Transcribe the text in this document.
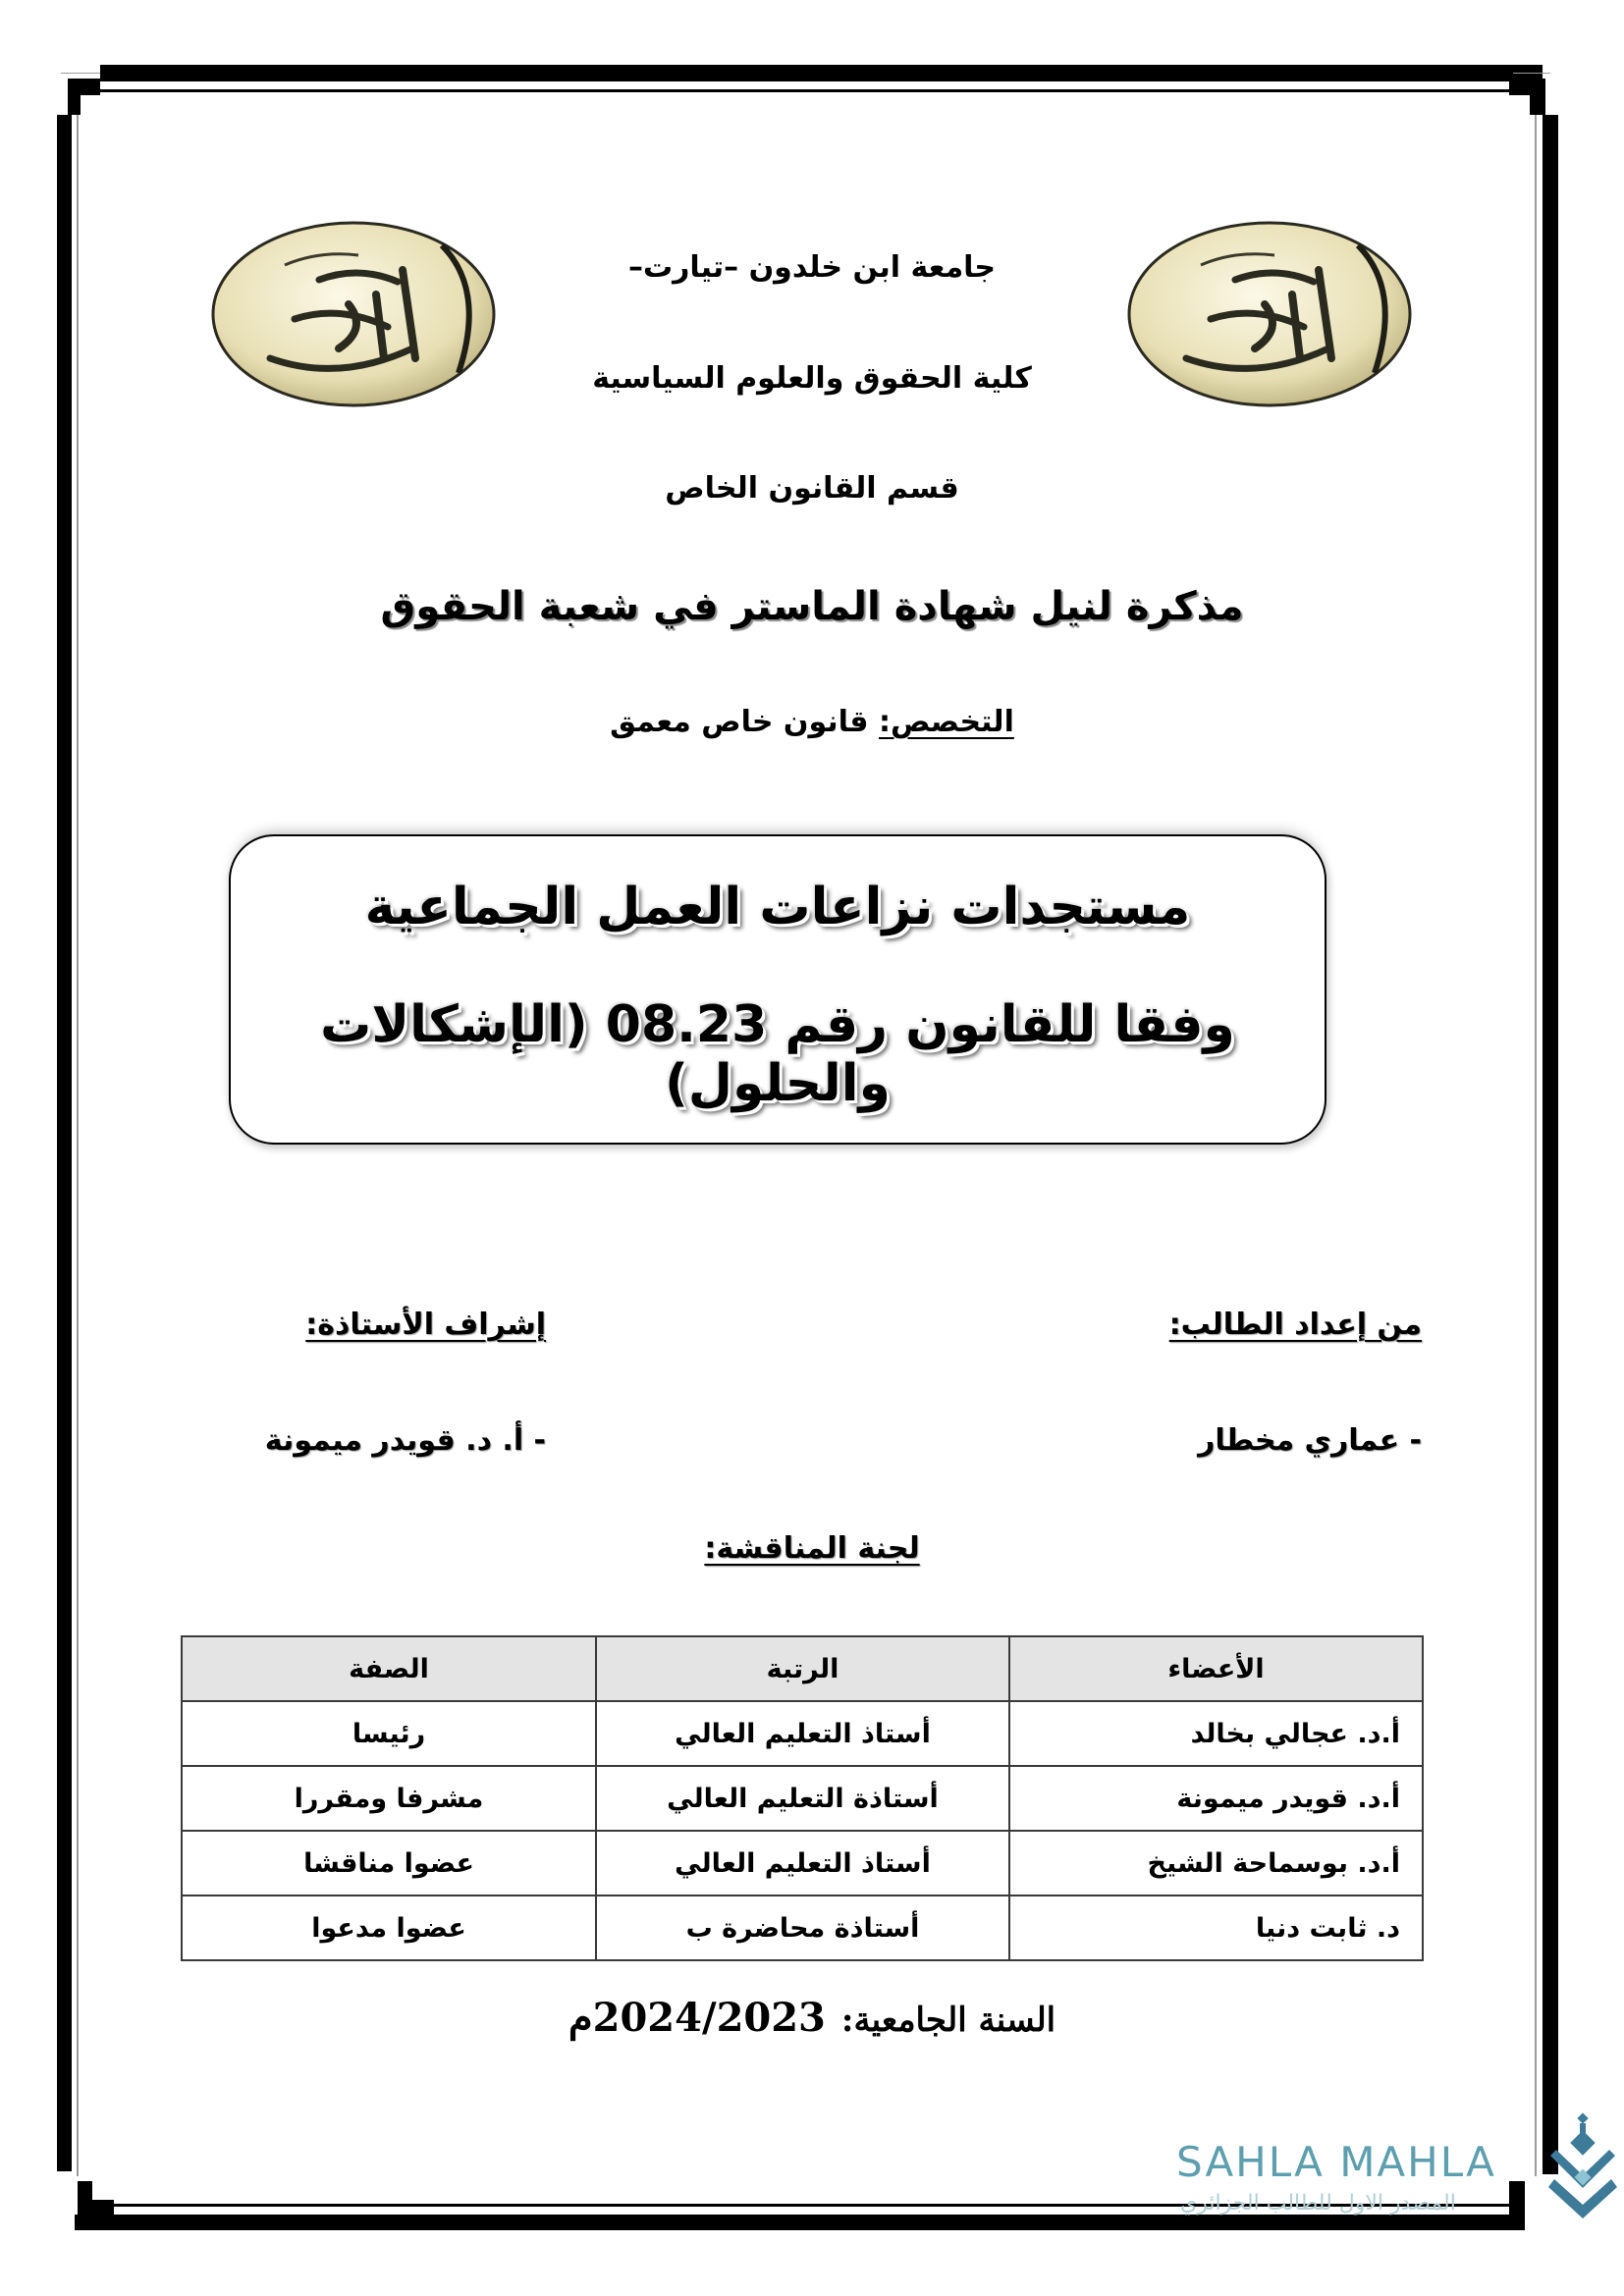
جامعة ابن خلدون –تيارت–
كلية الحقوق والعلوم السياسية
قسم القانون الخاص
مذكرة لنيل شهادة الماستر في شعبة الحقوق
التخصص: قانون خاص معمق
مستجدات نزاعات العمل الجماعية
وفقا للقانون رقم 08.23 (الإشكالات والحلول)
من إعداد الطالب:
- عماري مخطار
إشراف الأستاذة:
- أ. د. قويدر ميمونة
لجنة المناقشة:
الأعضاء	الرتبة	الصفة
أ.د. عجالي بخالد	أستاذ التعليم العالي	رئيسا
أ.د. قويدر ميمونة	أستاذة التعليم العالي	مشرفا ومقررا
أ.د. بوسماحة الشيخ	أستاذ التعليم العالي	عضوا مناقشا
د. ثابت دنيا	أستاذة محاضرة ب	عضوا مدعوا
السنة الجامعية:2024/2023م
SAHLA MAHLA
المصدر الاول للطالب الجزائري
